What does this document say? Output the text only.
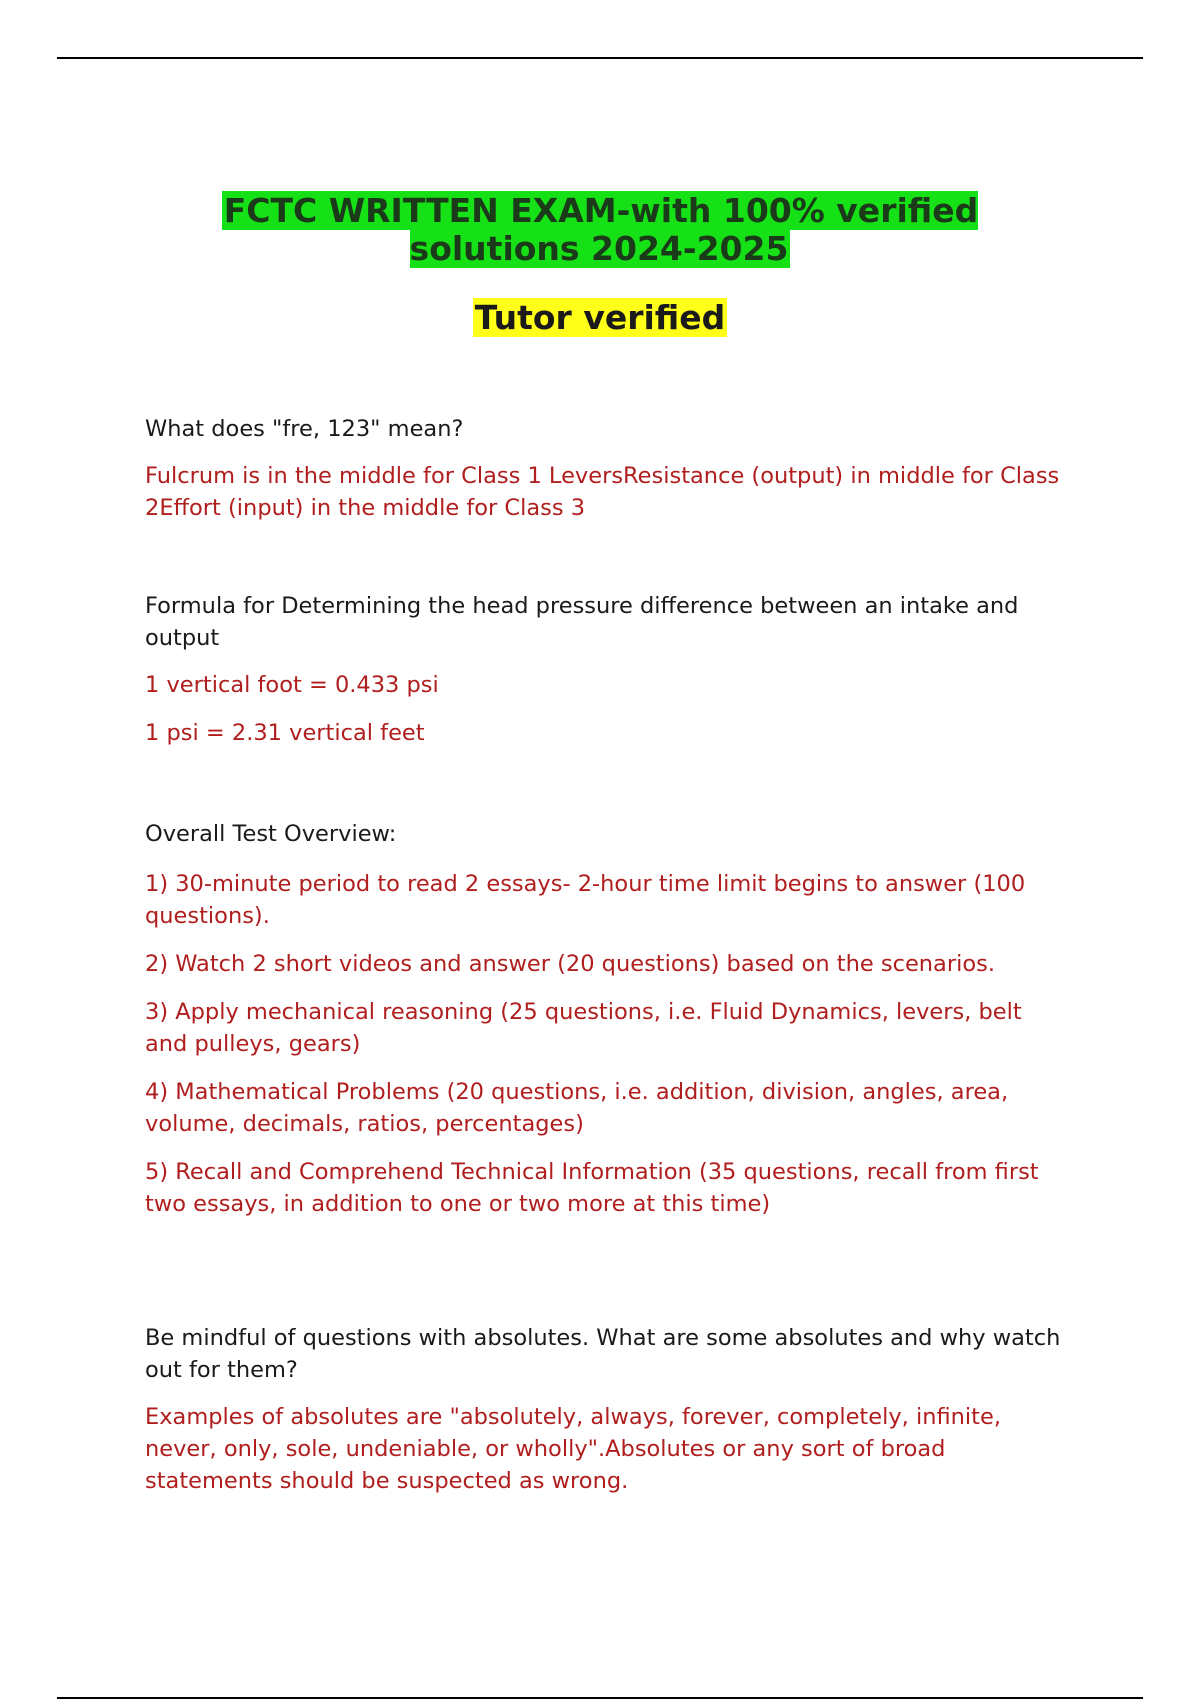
FCTC WRITTEN EXAM-with 100% verified solutions 2024-2025
Tutor verified

What does "fre, 123" mean?

Fulcrum is in the middle for Class 1 LeversResistance (output) in middle for Class 2Effort (input) in the middle for Class 3

Formula for Determining the head pressure difference between an intake and output

1 vertical foot = 0.433 psi

1 psi = 2.31 vertical feet

Overall Test Overview:

1) 30-minute period to read 2 essays- 2-hour time limit begins to answer (100 questions).

2) Watch 2 short videos and answer (20 questions) based on the scenarios.

3) Apply mechanical reasoning (25 questions, i.e. Fluid Dynamics, levers, belt and pulleys, gears)

4) Mathematical Problems (20 questions, i.e. addition, division, angles, area, volume, decimals, ratios, percentages)

5) Recall and Comprehend Technical Information (35 questions, recall from first two essays, in addition to one or two more at this time)

Be mindful of questions with absolutes. What are some absolutes and why watch out for them?

Examples of absolutes are "absolutely, always, forever, completely, infinite, never, only, sole, undeniable, or wholly".Absolutes or any sort of broad statements should be suspected as wrong.
